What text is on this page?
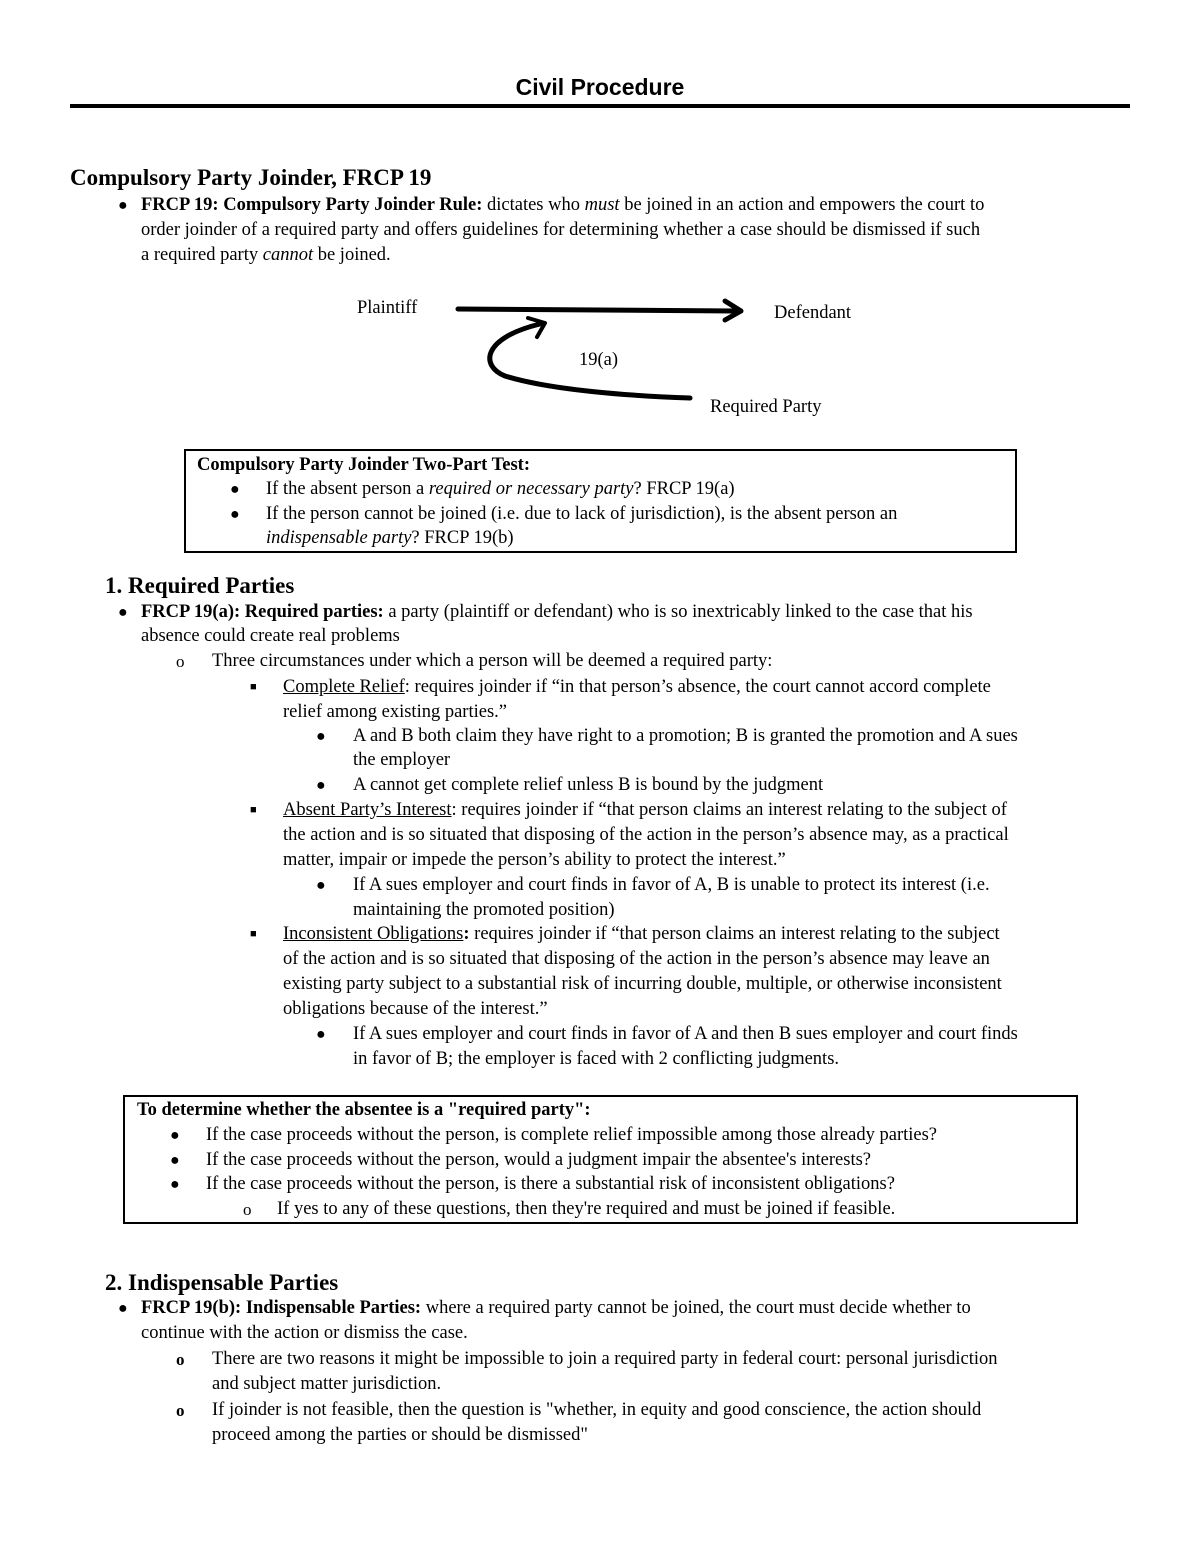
Civil Procedure
Compulsory Party Joinder, FRCP 19
● FRCP 19: Compulsory Party Joinder Rule: dictates who must be joined in an action and empowers the court to
order joinder of a required party and offers guidelines for determining whether a case should be dismissed if such
a required party cannot be joined.
Plaintiff	Defendant
19(a)
Required Party
Compulsory Party Joinder Two-Part Test:
● If the absent person a required or necessary party? FRCP 19(a)
● If the person cannot be joined (i.e. due to lack of jurisdiction), is the absent person an
indispensable party? FRCP 19(b)
1. Required Parties
● FRCP 19(a): Required parties: a party (plaintiff or defendant) who is so inextricably linked to the case that his
absence could create real problems
o Three circumstances under which a person will be deemed a required party:
■ Complete Relief: requires joinder if “in that person’s absence, the court cannot accord complete
relief among existing parties.”
● A and B both claim they have right to a promotion; B is granted the promotion and A sues
the employer
● A cannot get complete relief unless B is bound by the judgment
■ Absent Party’s Interest: requires joinder if “that person claims an interest relating to the subject of
the action and is so situated that disposing of the action in the person’s absence may, as a practical
matter, impair or impede the person’s ability to protect the interest.”
● If A sues employer and court finds in favor of A, B is unable to protect its interest (i.e.
maintaining the promoted position)
■ Inconsistent Obligations: requires joinder if “that person claims an interest relating to the subject
of the action and is so situated that disposing of the action in the person’s absence may leave an
existing party subject to a substantial risk of incurring double, multiple, or otherwise inconsistent
obligations because of the interest.”
● If A sues employer and court finds in favor of A and then B sues employer and court finds
in favor of B; the employer is faced with 2 conflicting judgments.
To determine whether the absentee is a "required party":
● If the case proceeds without the person, is complete relief impossible among those already parties?
● If the case proceeds without the person, would a judgment impair the absentee's interests?
● If the case proceeds without the person, is there a substantial risk of inconsistent obligations?
o If yes to any of these questions, then they're required and must be joined if feasible.
2. Indispensable Parties
● FRCP 19(b): Indispensable Parties: where a required party cannot be joined, the court must decide whether to
continue with the action or dismiss the case.
o There are two reasons it might be impossible to join a required party in federal court: personal jurisdiction
and subject matter jurisdiction.
o If joinder is not feasible, then the question is "whether, in equity and good conscience, the action should
proceed among the parties or should be dismissed"
